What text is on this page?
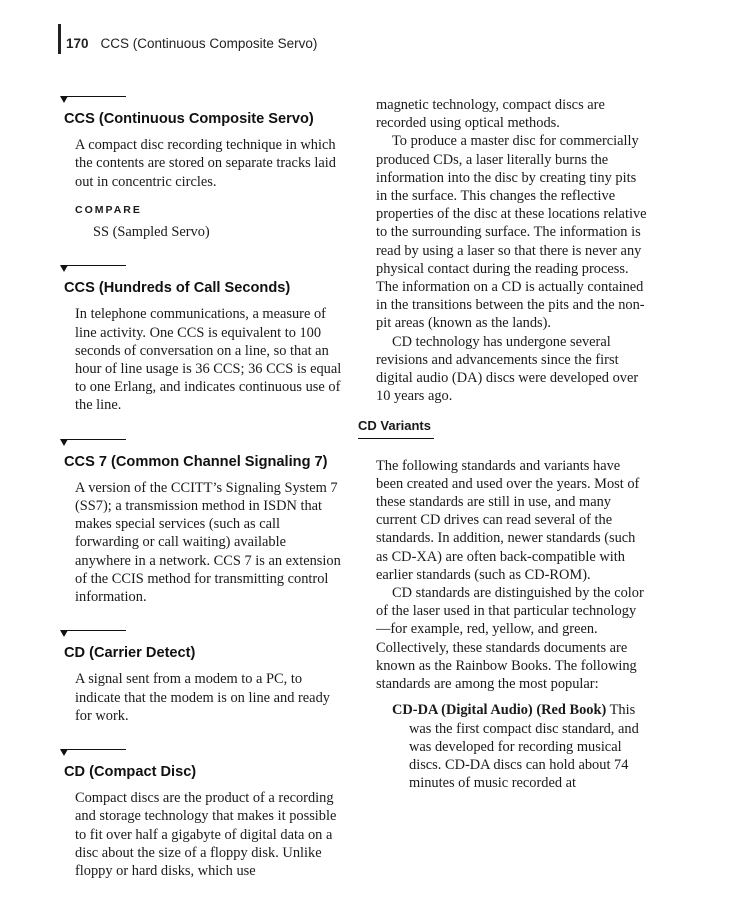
170 CCS (Continuous Composite Servo)
CCS (Continuous Composite Servo)

A compact disc recording technique in which the contents are stored on separate tracks laid out in concentric circles.

COMPARE
SS (Sampled Servo)
CCS (Hundreds of Call Seconds)

In telephone communications, a measure of line activity. One CCS is equivalent to 100 seconds of conversation on a line, so that an hour of line usage is 36 CCS; 36 CCS is equal to one Erlang, and indicates continuous use of the line.

CCS 7 (Common Channel Signaling 7)

A version of the CCITT’s Signaling System 7 (SS7); a transmission method in ISDN that makes special services (such as call forwarding or call waiting) available anywhere in a network. CCS 7 is an extension of the CCIS method for transmitting control information.

CD (Carrier Detect)

A signal sent from a modem to a PC, to indicate that the modem is on line and ready for work.

CD (Compact Disc)

Compact discs are the product of a recording and storage technology that makes it possible to fit over half a gigabyte of digital data on a disc about the size of a floppy disk. Unlike floppy or hard disks, which use

magnetic technology, compact discs are recorded using optical methods.

To produce a master disc for commercially produced CDs, a laser literally burns the information into the disc by creating tiny pits in the surface. This changes the reflective properties of the disc at these locations relative to the surrounding surface. The information is read by using a laser so that there is never any physical contact during the reading process. The information on a CD is actually contained in the transitions between the pits and the non-pit areas (known as the lands).

CD technology has undergone several revisions and advancements since the first digital audio (DA) discs were developed over 10 years ago.

CD Variants

The following standards and variants have been created and used over the years. Most of these standards are still in use, and many current CD drives can read several of the standards. In addition, newer standards (such as CD-XA) are often back-compatible with earlier standards (such as CD-ROM).

CD standards are distinguished by the color of the laser used in that particular technology—for example, red, yellow, and green. Collectively, these standards documents are known as the Rainbow Books. The following standards are among the most popular:

CD-DA (Digital Audio) (Red Book) This was the first compact disc standard, and was developed for recording musical discs. CD-DA discs can hold about 74 minutes of music recorded at
